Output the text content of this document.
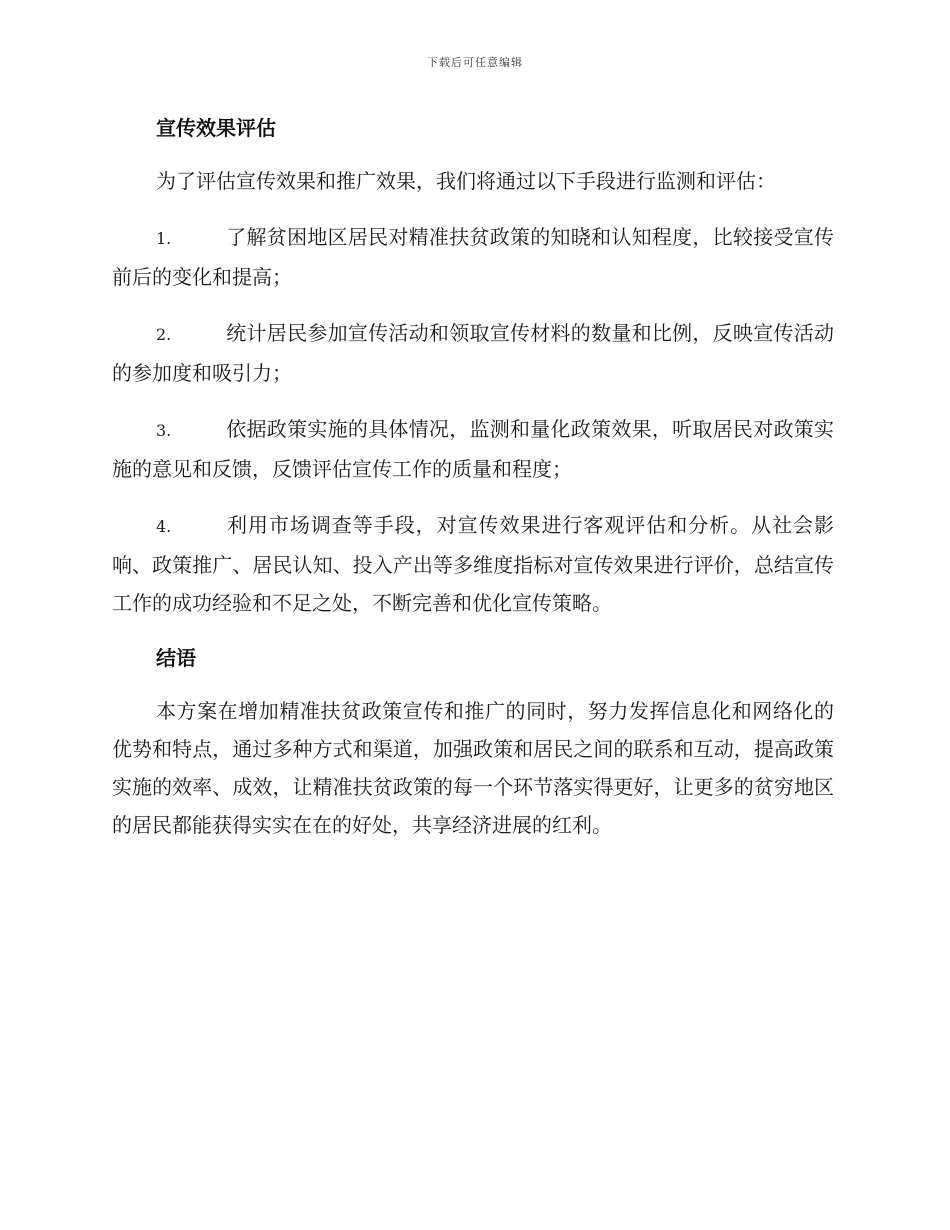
下载后可任意编辑
宣传效果评估

为了评估宣传效果和推广效果，我们将通过以下手段进行监测和评估：

1.	了解贫困地区居民对精准扶贫政策的知晓和认知程度，比较接受宣传前后的变化和提高；

2.	统计居民参加宣传活动和领取宣传材料的数量和比例，反映宣传活动的参加度和吸引力；

3.	依据政策实施的具体情况，监测和量化政策效果，听取居民对政策实施的意见和反馈，反馈评估宣传工作的质量和程度；

4.	利用市场调查等手段，对宣传效果进行客观评估和分析。从社会影响、政策推广、居民认知、投入产出等多维度指标对宣传效果进行评价，总结宣传工作的成功经验和不足之处，不断完善和优化宣传策略。

结语

本方案在增加精准扶贫政策宣传和推广的同时，努力发挥信息化和网络化的优势和特点，通过多种方式和渠道，加强政策和居民之间的联系和互动，提高政策实施的效率、成效，让精准扶贫政策的每一个环节落实得更好，让更多的贫穷地区的居民都能获得实实在在的好处，共享经济进展的红利。
